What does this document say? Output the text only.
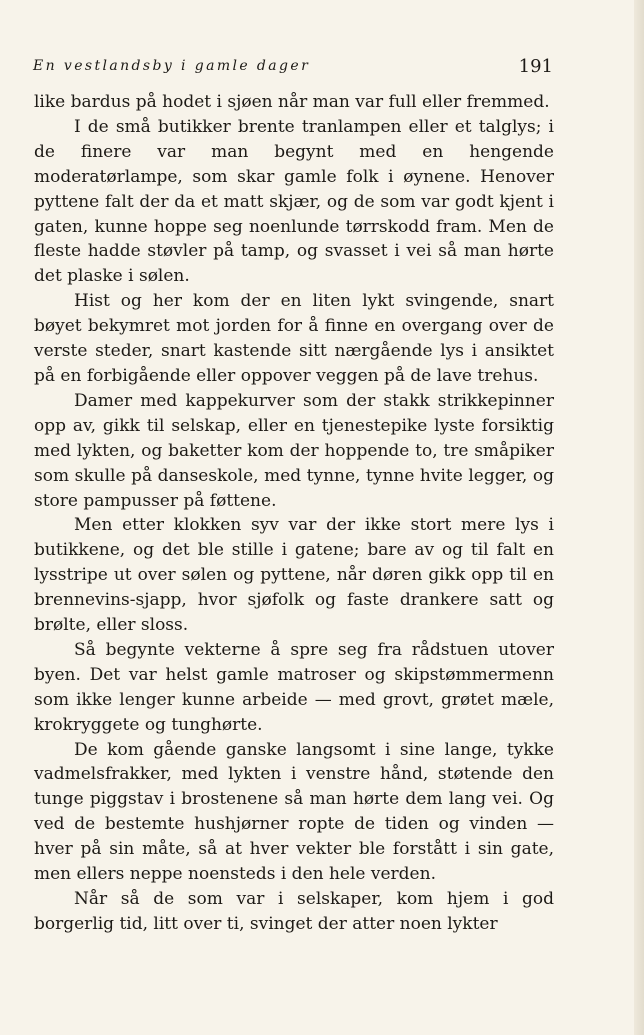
En vestlandsby i gamle dager	191

like bardus på hodet i sjøen når man var full eller fremmed.

I de små butikker brente tranlampen eller et talglys; i de finere var man begynt med en hengende moderatørlampe, som skar gamle folk i øynene. Henover pyttene falt der da et matt skjær, og de som var godt kjent i gaten, kunne hoppe seg noenlunde tørrskodd fram. Men de fleste hadde støvler på tamp, og svasset i vei så man hørte det plaske i sølen.

Hist og her kom der en liten lykt svingende, snart bøyet bekymret mot jorden for å finne en overgang over de verste steder, snart kastende sitt nærgående lys i ansiktet på en forbigående eller oppover veggen på de lave trehus.

Damer med kappekurver som der stakk strikkepinner opp av, gikk til selskap, eller en tjenestepike lyste forsiktig med lykten, og baketter kom der hoppende to, tre småpiker som skulle på danseskole, med tynne, tynne hvite legger, og store pampusser på føttene.

Men etter klokken syv var der ikke stort mere lys i butikkene, og det ble stille i gatene; bare av og til falt en lysstripe ut over sølen og pyttene, når døren gikk opp til en brennevins-sjapp, hvor sjøfolk og faste drankere satt og brølte, eller sloss.

Så begynte vekterne å spre seg fra rådstuen utover byen. Det var helst gamle matroser og skipstømmermenn som ikke lenger kunne arbeide — med grovt, grøtet mæle, krokryggete og tunghørte.

De kom gående ganske langsomt i sine lange, tykke vadmelsfrakker, med lykten i venstre hånd, støtende den tunge piggstav i brostenene så man hørte dem lang vei. Og ved de bestemte hushjørner ropte de tiden og vinden — hver på sin måte, så at hver vekter ble forstått i sin gate, men ellers neppe noensteds i den hele verden.

Når så de som var i selskaper, kom hjem i god borgerlig tid, litt over ti, svinget der atter noen lykter
